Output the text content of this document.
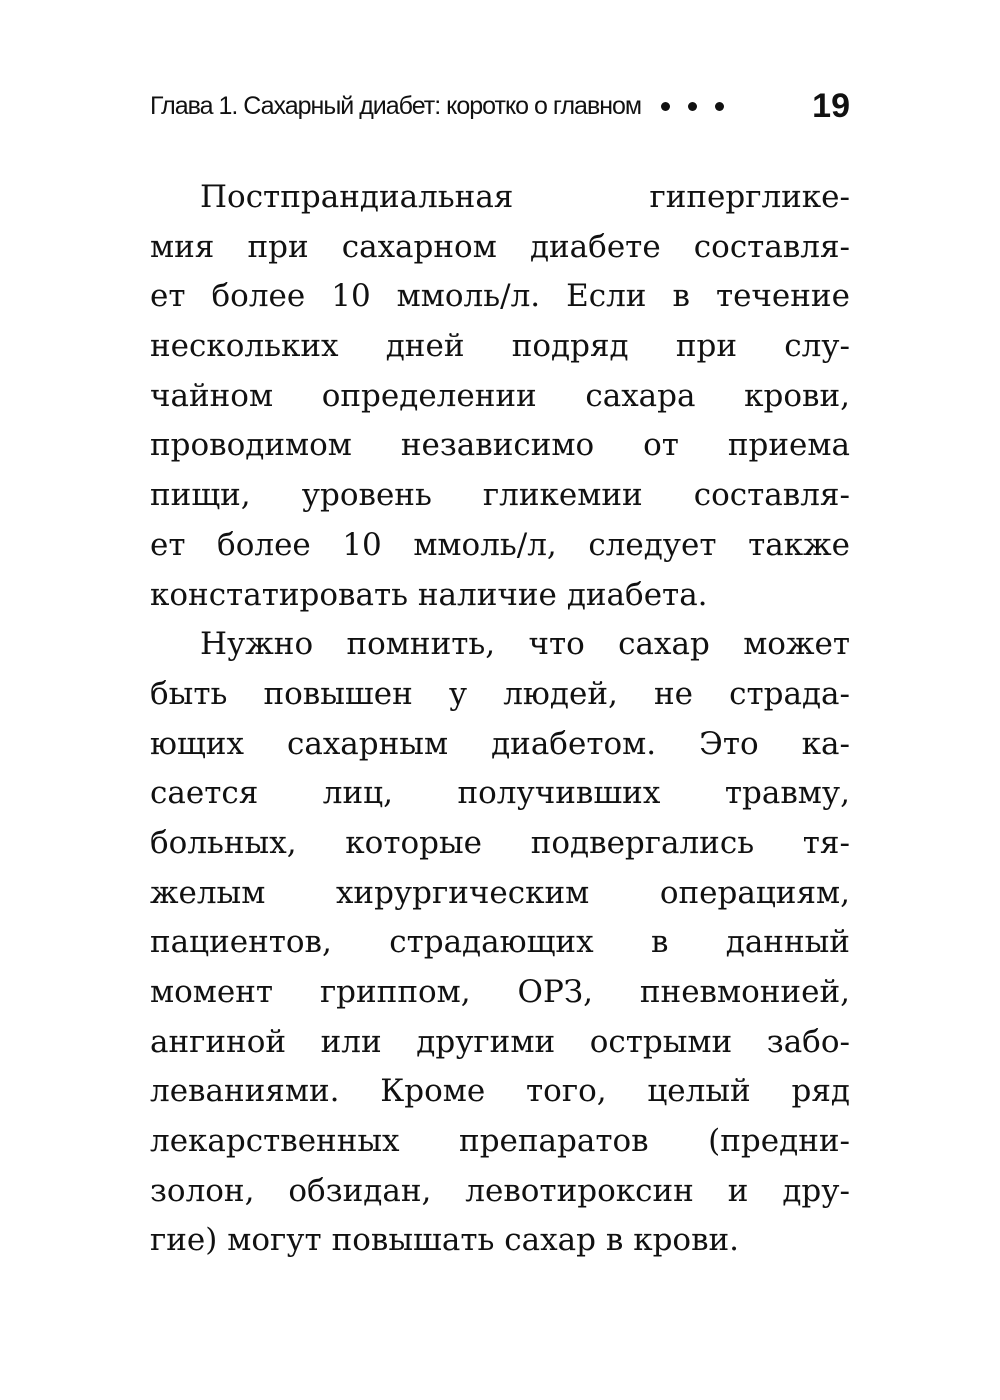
Глава 1. Сахарный диабет: коротко о главном	19
Постпрандиальная	гиперглике-
мия при сахарном диабете составля-
ет более 10 ммоль/л. Если в течение
нескольких дней подряд при слу-
чайном определении сахара крови,
проводимом независимо от приема
пищи, уровень гликемии составля-
ет более 10 ммоль/л, следует также
констатировать наличие диабета.
Нужно помнить, что сахар может
быть повышен у людей, не страда-
ющих сахарным диабетом. Это ка-
сается лиц, получивших травму,
больных, которые подвергались тя-
желым хирургическим операциям,
пациентов, страдающих в данный
момент гриппом, ОРЗ, пневмонией,
ангиной или другими острыми забо-
леваниями. Кроме того, целый ряд
лекарственных препаратов (предни-
золон, обзидан, левотироксин и дру-
гие) могут повышать сахар в крови.
